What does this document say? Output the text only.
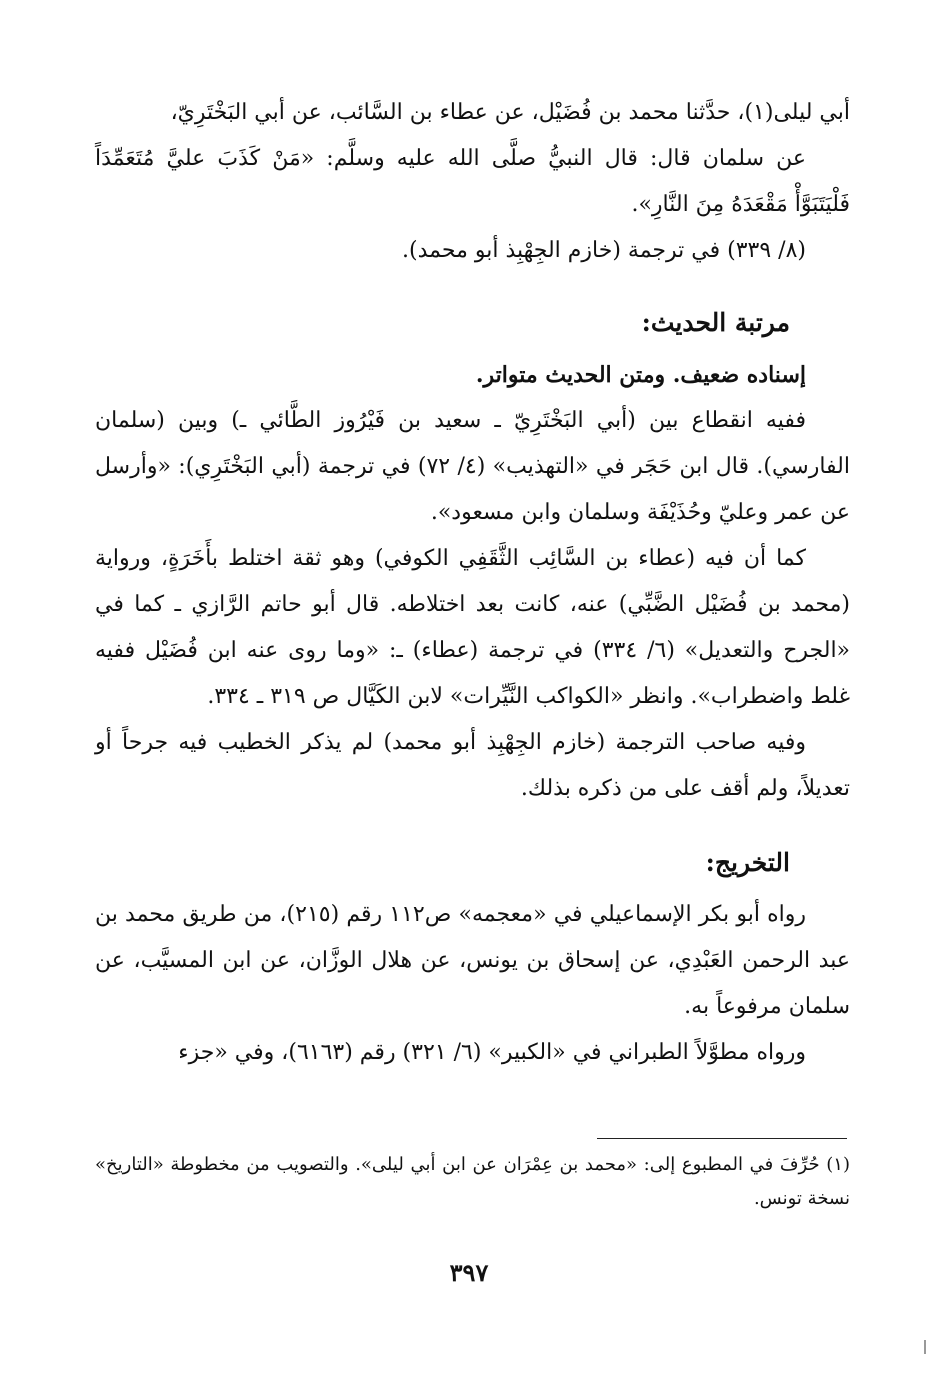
أبي ليلى(١)، حدَّثنا محمد بن فُضَيْل، عن عطاء بن السَّائب، عن أبي البَخْتَرِيّ،

عن سلمان قال: قال النبيُّ صلَّى الله عليه وسلَّم: «مَنْ كَذَبَ عليَّ مُتَعَمِّدَاً فَلْيَتَبَوَّأْ مَقْعَدَهُ مِنَ النَّارِ».

(٨/ ٣٣٩) في ترجمة (خازم الجِهْبِذ أبو محمد).

مرتبة الحديث:

إسناده ضعيف. ومتن الحديث متواتر.

ففيه انقطاع بين (أبي البَخْتَرِيّ ـ سعيد بن فَيْرُوز الطَّائي ـ) وبين (سلمان الفارسي). قال ابن حَجَر في «التهذيب» (٤/ ٧٢) في ترجمة (أبي البَخْتَرِي): «وأرسل عن عمر وعليّ وحُذَيْفَة وسلمان وابن مسعود».

كما أن فيه (عطاء بن السَّائِب الثَّقَفِي الكوفي) وهو ثقة اختلط بأَخَرَةٍ، ورواية (محمد بن فُضَيْل الضَّبِّي) عنه، كانت بعد اختلاطه. قال أبو حاتم الرَّازي ـ كما في «الجرح والتعديل» (٦/ ٣٣٤) في ترجمة (عطاء) ـ: «وما روى عنه ابن فُضَيْل ففيه غلط واضطراب». وانظر «الكواكب النَّيِّرات» لابن الكَيَّال ص ٣١٩ ـ ٣٣٤.

وفيه صاحب الترجمة (خازم الجِهْبِذ أبو محمد) لم يذكر الخطيب فيه جرحاً أو تعديلاً، ولم أقف على من ذكره بذلك.

التخريج:

رواه أبو بكر الإسماعيلي في «معجمه» ص١١٢ رقم (٢١٥)، من طريق محمد بن عبد الرحمن العَبْدِي، عن إسحاق بن يونس، عن هلال الوزَّان، عن ابن المسيَّب، عن سلمان مرفوعاً به.

ورواه مطوَّلاً الطبراني في «الكبير» (٦/ ٣٢١) رقم (٦١٦٣)، وفي «جزء

(١) حُرِّفَ في المطبوع إلى: «محمد بن عِمْرَان عن ابن أبي ليلى». والتصويب من مخطوطة «التاريخ» نسخة تونس.

٣٩٧
